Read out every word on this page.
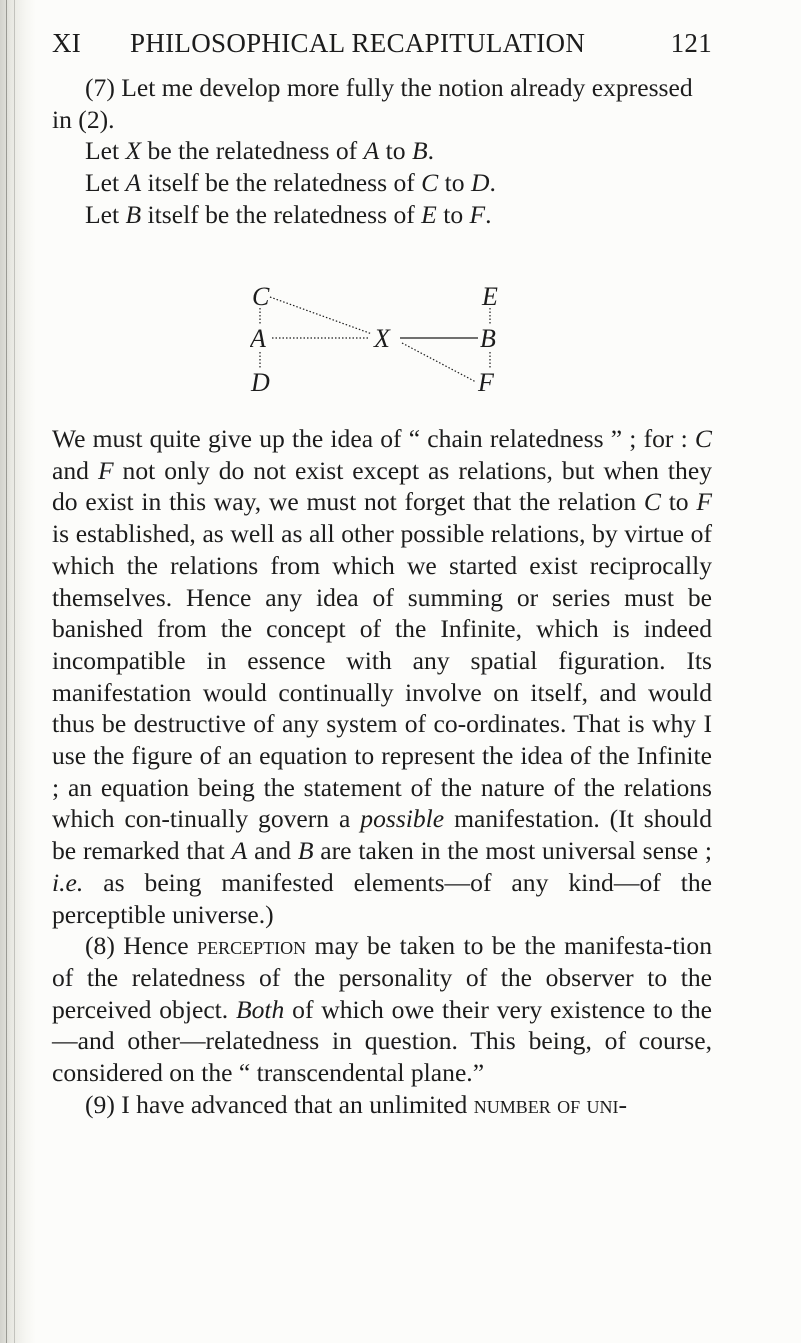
XI PHILOSOPHICAL RECAPITULATION	121

(7) Let me develop more fully the notion already expressed in (2).

Let X be the relatedness of A to B.

Let A itself be the relatedness of C to D.

Let B itself be the relatedness of E to F.

C	E
A	X	B
D	F

We must quite give up the idea of “ chain relatedness ” ; for : C and F not only do not exist except as relations, but when they do exist in this way, we must not forget that the relation C to F is established, as well as all other possible relations, by virtue of which the relations from which we started exist reciprocally themselves. Hence any idea of summing or series must be banished from the concept of the Infinite, which is indeed incompatible in essence with any spatial figuration. Its manifestation would continually involve on itself, and would thus be destructive of any system of co-ordinates. That is why I use the figure of an equation to represent the idea of the Infinite ; an equation being the statement of the nature of the relations which con-tinually govern a possible manifestation. (It should be remarked that A and B are taken in the most universal sense ; i.e. as being manifested elements—of any kind—of the perceptible universe.)

(8) Hence perception may be taken to be the manifesta-tion of the relatedness of the personality of the observer to the perceived object. Both of which owe their very existence to the—and other—relatedness in question. This being, of course, considered on the “ transcendental plane.”

(9) I have advanced that an unlimited number of uni-
